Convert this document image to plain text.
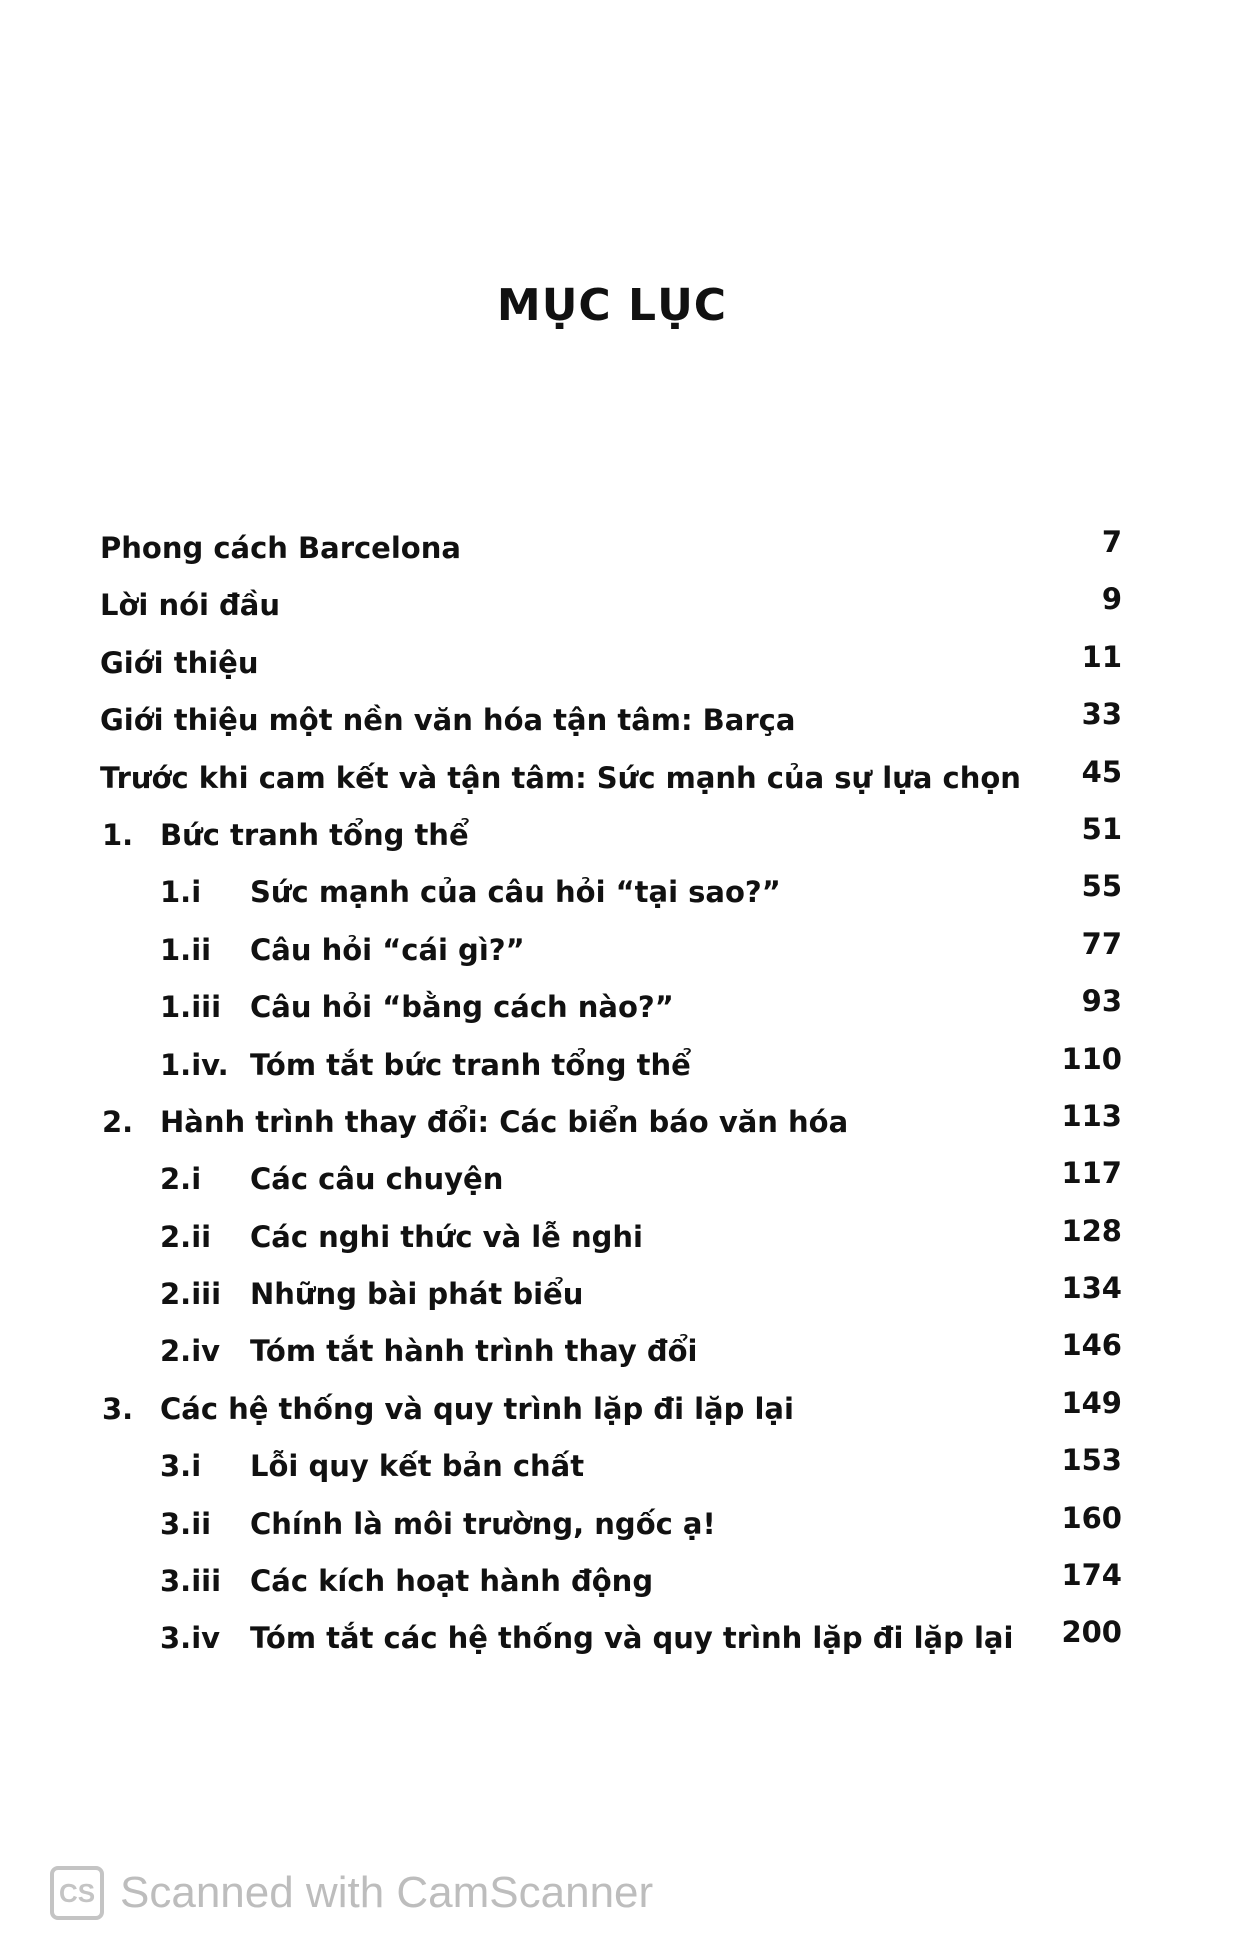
MỤC LỤC
Phong cách Barcelona	7
Lời nói đầu	9
Giới thiệu	11
Giới thiệu một nền văn hóa tận tâm: Barça	33
Trước khi cam kết và tận tâm: Sức mạnh của sự lựa chọn 45
1. Bức tranh tổng thể	51
1.i Sức mạnh của câu hỏi “tại sao?”	55
1.ii Câu hỏi “cái gì?”	77
1.iii Câu hỏi “bằng cách nào?”	93
1.iv. Tóm tắt bức tranh tổng thể	110
2. Hành trình thay đổi: Các biển báo văn hóa	113
2.i Các câu chuyện	117
2.ii Các nghi thức và lễ nghi	128
2.iii Những bài phát biểu	134
2.iv Tóm tắt hành trình thay đổi	146
3. Các hệ thống và quy trình lặp đi lặp lại	149
3.i Lỗi quy kết bản chất	153
3.ii Chính là môi trường, ngốc ạ!	160
3.iii Các kích hoạt hành động	174
3.iv Tóm tắt các hệ thống và quy trình lặp đi lặp lại 200
CS Scanned with CamScanner
